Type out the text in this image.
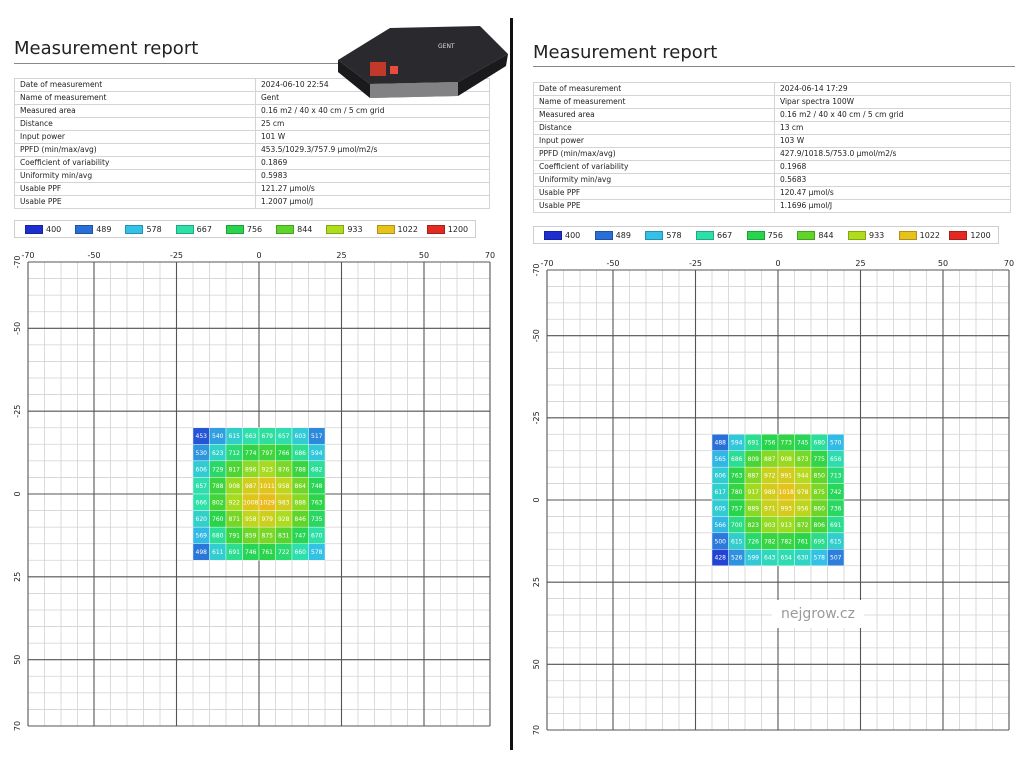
Measurement report
Date of measurement	2024-06-10 22:54
Name of measurement	Gent
Measured area	0.16 m2 / 40 x 40 cm / 5 cm grid
Distance	25 cm
Input power	101 W
PPFD (min/max/avg)	453.5/1029.3/757.9 µmol/m2/s
Coefficient of variability	0.1869
Uniformity min/avg	0.5983
Usable PPF	121.27 µmol/s
Usable PPE	1.2007 µmol/J
400	489	578	667	756	844	933	1022	1200
-70	-50	-25	0	25	50	70
-70
-50
-25
0
25
50
70
453 540 615 663 679 657 603 517
530 623 712 774 797 766 686 594
606 729 817 896 923 876 788 682
657 788 908 987 1011 958 864 748
666 802 922 1008 1029 983 888 763
620 760 871 958 979 928 846 735
569 680 791 859 875 831 747 670
498 611 691 746 761 722 660 578
GENT	Measurement report
Date of measurement	2024-06-14 17:29
Name of measurement	Vipar spectra 100W
Measured area	0.16 m2 / 40 x 40 cm / 5 cm grid
Distance	13 cm
Input power	103 W
PPFD (min/max/avg)	427.9/1018.5/753.0 µmol/m2/s
Coefficient of variability	0.1968
Uniformity min/avg	0.5683
Usable PPF	120.47 µmol/s
Usable PPE	1.1696 µmol/J
400	489	578	667	756	844	933	1022	1200
-70	-50	-25	0	25	50	70
-70
-50
-25
0
25
50
70
488 594 691 756 773 745 680 570
565 686 809 887 908 873 775 656
606 763 887 972 991 944 850 713
617 780 917 989 1018 978 875 742
605 757 889 971 993 956 860 736
566 700 823 903 913 872 806 691
500 615 726 782 782 761 695 615
428 526 599 643 654 630 578 507
nejgrow.cz
